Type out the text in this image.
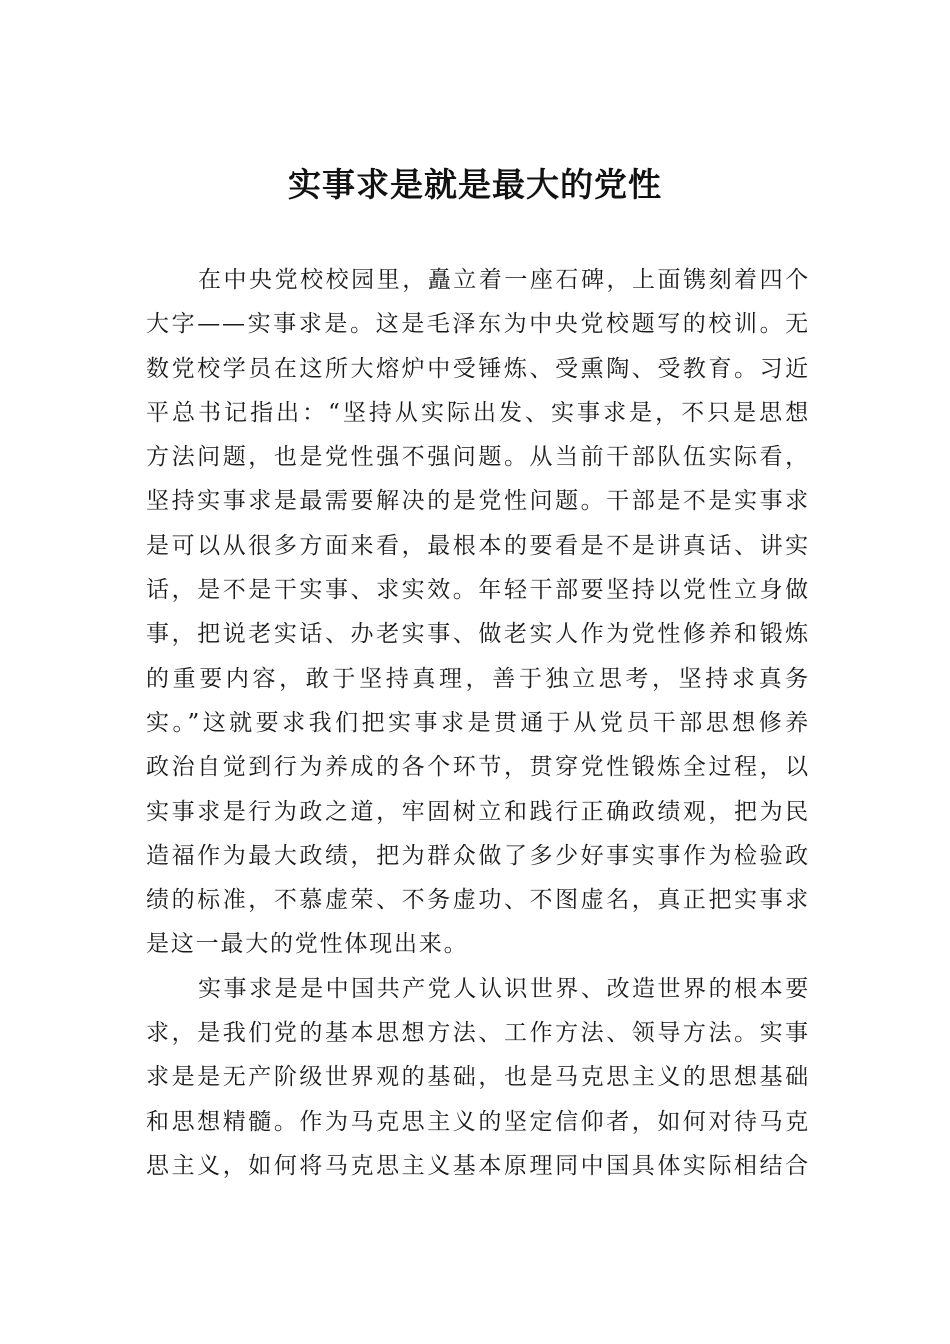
实事求是就是最大的党性
在中央党校校园里，矗立着一座石碑，上面镌刻着四个
大字——实事求是。这是毛泽东为中央党校题写的校训。无
数党校学员在这所大熔炉中受锤炼、受熏陶、受教育。习近
平总书记指出：“坚持从实际出发、实事求是，不只是思想
方法问题，也是党性强不强问题。从当前干部队伍实际看，
坚持实事求是最需要解决的是党性问题。干部是不是实事求
是可以从很多方面来看，最根本的要看是不是讲真话、讲实
话，是不是干实事、求实效。年轻干部要坚持以党性立身做
事，把说老实话、办老实事、做老实人作为党性修养和锻炼
的重要内容，敢于坚持真理，善于独立思考，坚持求真务
实。”这就要求我们把实事求是贯通于从党员干部思想修养
政治自觉到行为养成的各个环节，贯穿党性锻炼全过程，以
实事求是行为政之道，牢固树立和践行正确政绩观，把为民
造福作为最大政绩，把为群众做了多少好事实事作为检验政
绩的标准，不慕虚荣、不务虚功、不图虚名，真正把实事求
是这一最大的党性体现出来。
实事求是是中国共产党人认识世界、改造世界的根本要
求，是我们党的基本思想方法、工作方法、领导方法。实事
求是是无产阶级世界观的基础，也是马克思主义的思想基础
和思想精髓。作为马克思主义的坚定信仰者，如何对待马克
思主义，如何将马克思主义基本原理同中国具体实际相结合
